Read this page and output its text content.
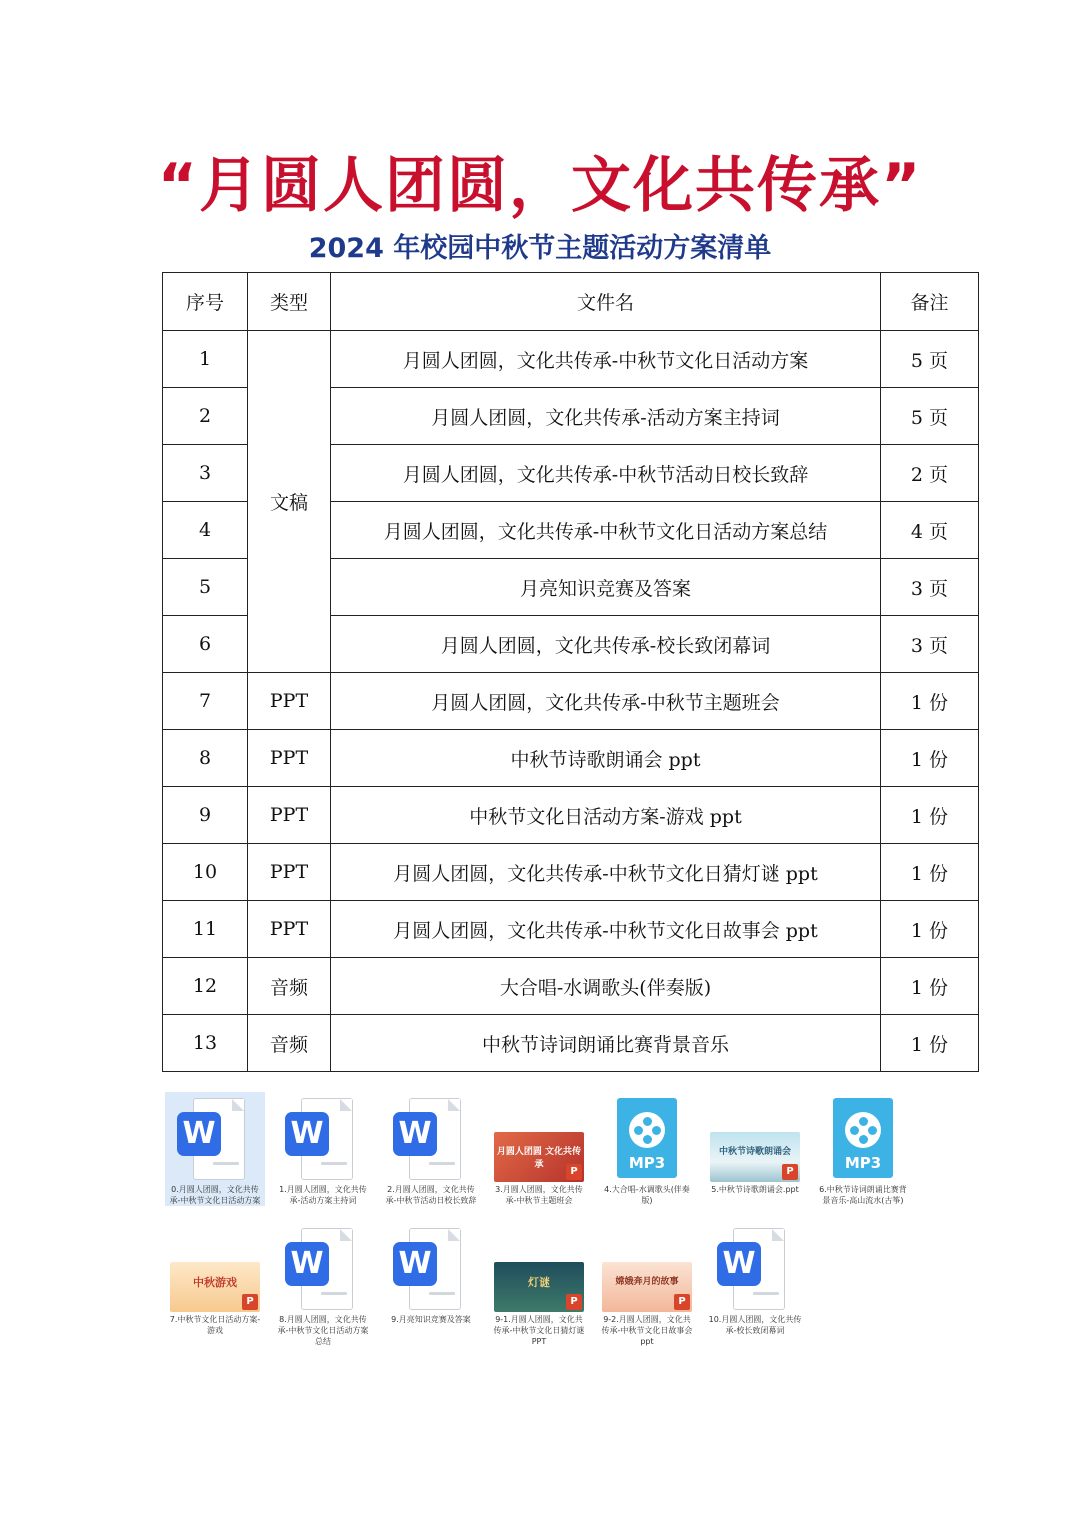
“月圆人团圆，文化共传承”
2024 年校园中秋节主题活动方案清单
序号	类型	文件名	备注
1	文稿	月圆人团圆，文化共传承-中秋节文化日活动方案	5 页
2		月圆人团圆，文化共传承-活动方案主持词	5 页
3		月圆人团圆，文化共传承-中秋节活动日校长致辞	2 页
4		月圆人团圆，文化共传承-中秋节文化日活动方案总结	4 页
5		月亮知识竞赛及答案	3 页
6		月圆人团圆，文化共传承-校长致闭幕词	3 页
7	PPT	月圆人团圆，文化共传承-中秋节主题班会	1 份
8	PPT	中秋节诗歌朗诵会 ppt	1 份
9	PPT	中秋节文化日活动方案-游戏 ppt	1 份
10	PPT	月圆人团圆，文化共传承-中秋节文化日猜灯谜 ppt	1 份
11	PPT	月圆人团圆，文化共传承-中秋节文化日故事会 ppt	1 份
12	音频	大合唱-水调歌头(伴奏版)	1 份
13	音频	中秋节诗词朗诵比赛背景音乐	1 份
W
0.月圆人团圆，文化共传承-中秋节文化日活动方案
W
1.月圆人团圆，文化共传承-活动方案主持词
W
2.月圆人团圆，文化共传承-中秋节活动日校长致辞
月圆人团圆 文化共传承
P
3.月圆人团圆，文化共传承-中秋节主题班会
MP3
4.大合唱-水调歌头(伴奏版)
中秋节诗歌朗诵会
P
5.中秋节诗歌朗诵会.ppt
MP3
6.中秋节诗词朗诵比赛背景音乐-高山流水(古筝)
中秋游戏
P
7.中秋节文化日活动方案-游戏
W
8.月圆人团圆，文化共传承-中秋节文化日活动方案总结
W
9.月亮知识竞赛及答案
灯谜
P
9-1.月圆人团圆，文化共传承-中秋节文化日猜灯谜PPT
嫦娥奔月的故事
P
9-2.月圆人团圆，文化共传承-中秋节文化日故事会ppt
W
10.月圆人团圆，文化共传承-校长致闭幕词
